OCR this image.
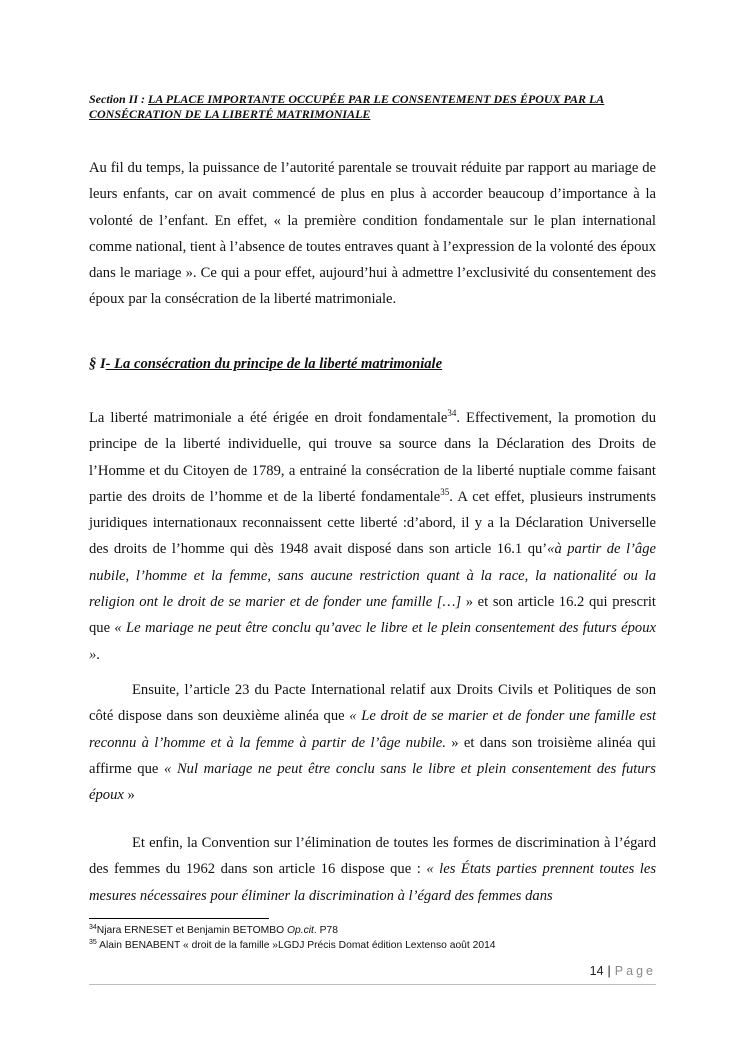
Section II : LA PLACE IMPORTANTE OCCUPÉE PAR LE CONSENTEMENT DES ÉPOUX PAR LA CONSÉCRATION DE LA LIBERTÉ MATRIMONIALE
Au fil du temps, la puissance de l’autorité parentale se trouvait réduite par rapport au mariage de leurs enfants, car on avait commencé de plus en plus à accorder beaucoup d’importance à la volonté de l’enfant. En effet, « la première condition fondamentale sur le plan international comme national, tient à l’absence de toutes entraves quant à l’expression de la volonté des époux dans le mariage ». Ce qui a pour effet, aujourd’hui à admettre l’exclusivité du consentement des époux par la consécration de la liberté matrimoniale.
§ I- La consécration du principe de la liberté matrimoniale
La liberté matrimoniale a été érigée en droit fondamentale$^{34}$. Effectivement, la promotion du principe de la liberté individuelle, qui trouve sa source dans la Déclaration des Droits de l’Homme et du Citoyen de 1789, a entrainé la consécration de la liberté nuptiale comme faisant partie des droits de l’homme et de la liberté fondamentale$^{35}$. A cet effet, plusieurs instruments juridiques internationaux reconnaissent cette liberté :d’abord, il y a la Déclaration Universelle des droits de l’homme qui dès 1948 avait disposé dans son article 16.1 qu’«à partir de l’âge nubile, l’homme et la femme, sans aucune restriction quant à la race, la nationalité ou la religion ont le droit de se marier et de fonder une famille […] » et son article 16.2 qui prescrit que « Le mariage ne peut être conclu qu’avec le libre et le plein consentement des futurs époux ».
Ensuite, l’article 23 du Pacte International relatif aux Droits Civils et Politiques de son côté dispose dans son deuxième alinéa que « Le droit de se marier et de fonder une famille est reconnu à l’homme et à la femme à partir de l’âge nubile. » et dans son troisième alinéa qui affirme que « Nul mariage ne peut être conclu sans le libre et plein consentement des futurs époux »
Et enfin, la Convention sur l’élimination de toutes les formes de discrimination à l’égard des femmes du 1962 dans son article 16 dispose que : « les États parties prennent toutes les mesures nécessaires pour éliminer la discrimination à l’égard des femmes dans
$^{34}$Njara ERNESET et Benjamin BETOMBO Op.cit. P78
$^{35}$ Alain BENABENT « droit de la famille »LGDJ Précis Domat édition Lextenso août 2014
14 | Page
